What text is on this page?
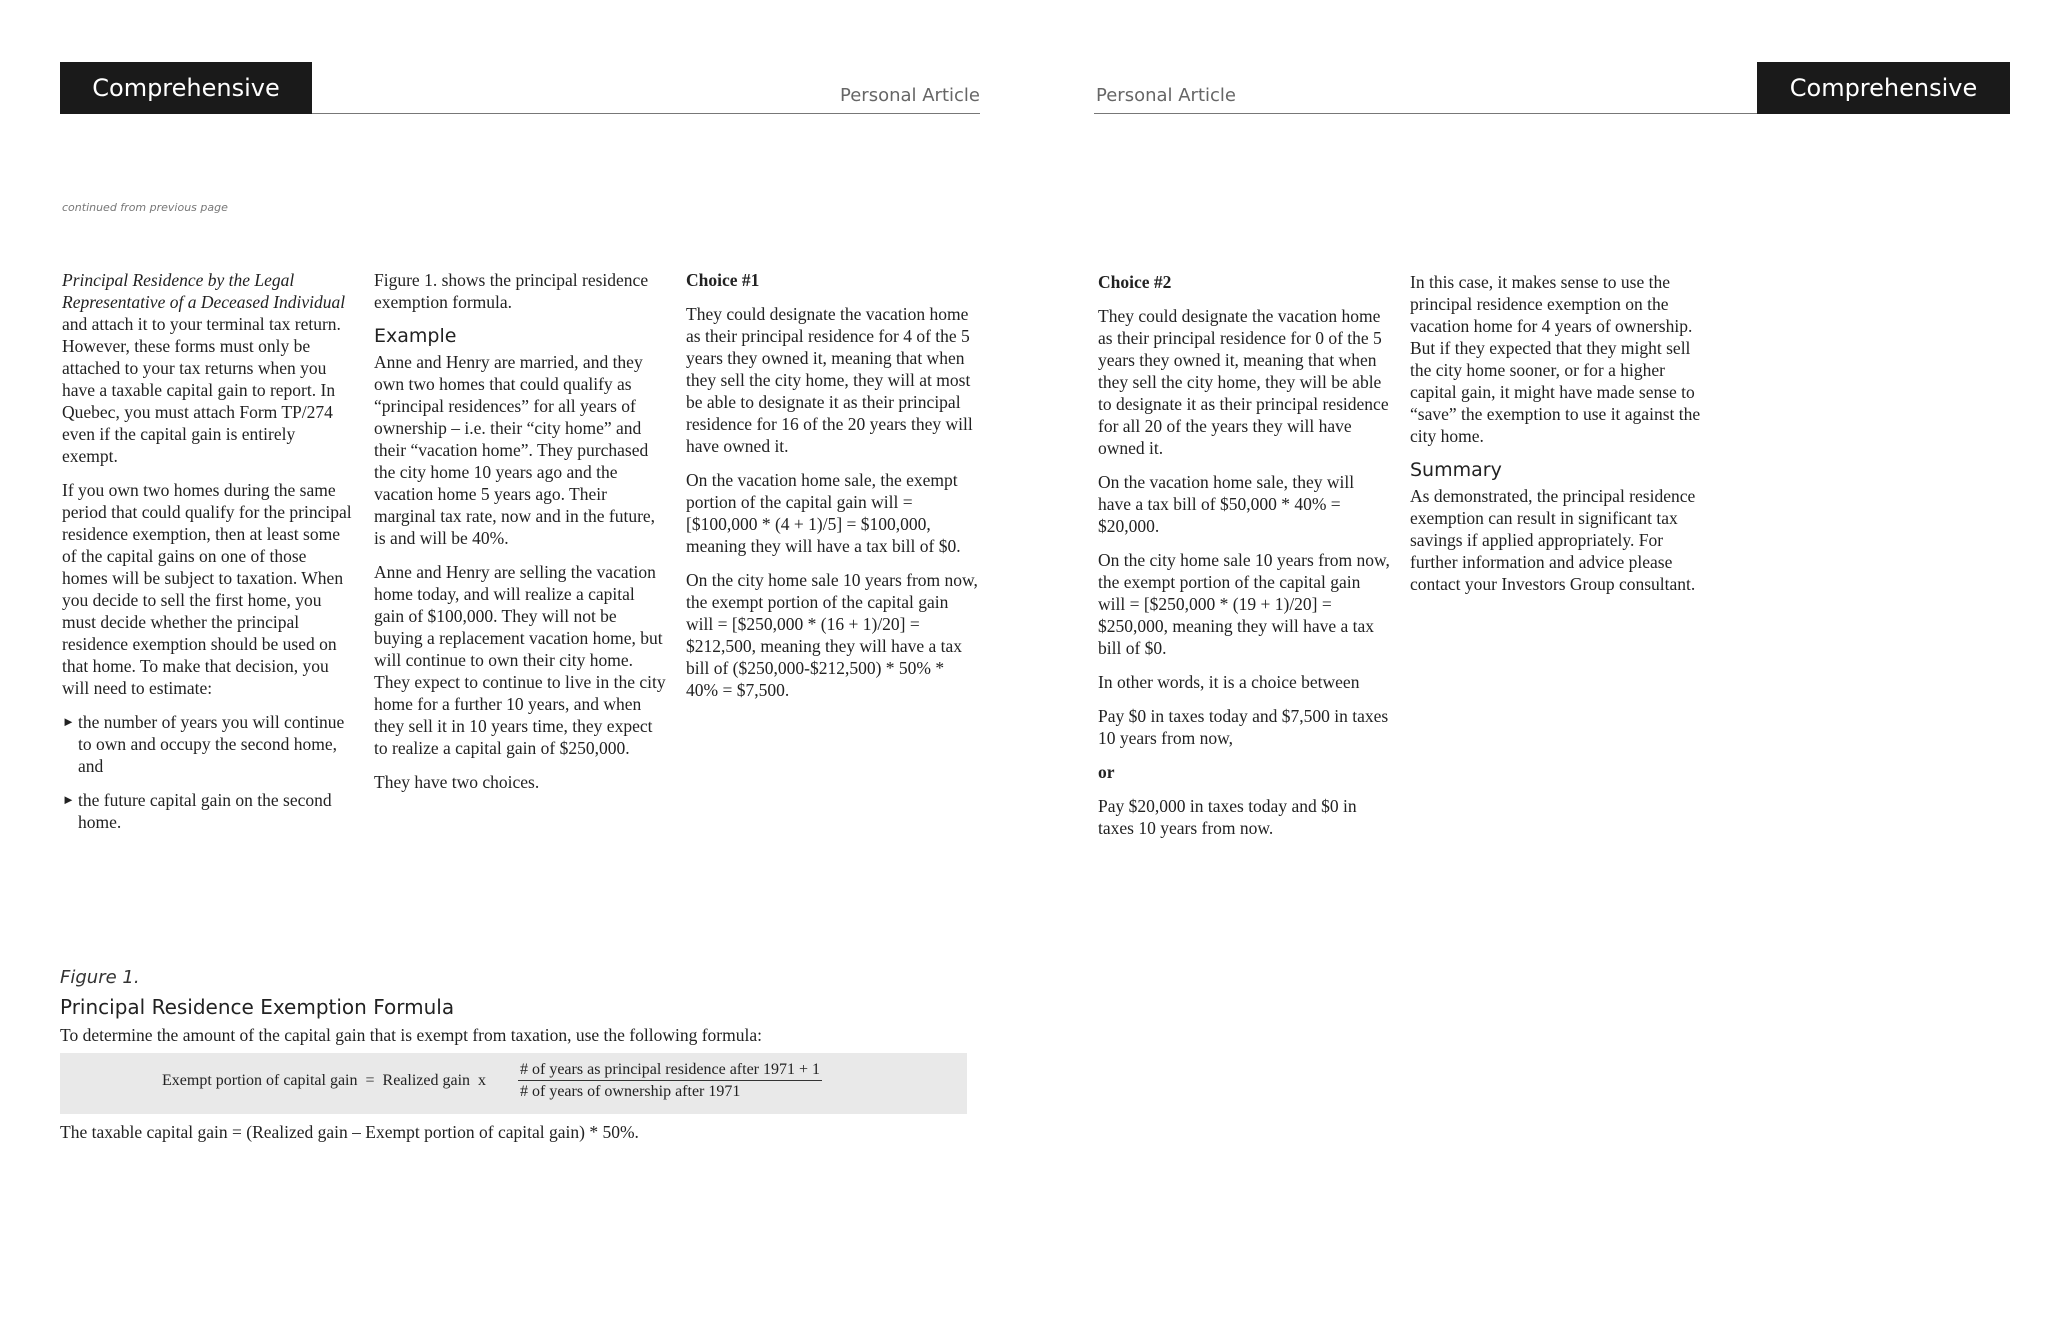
Comprehensive	Personal Article	Personal Article	Comprehensive
continued from previous page

Principal Residence by the Legal Representative of a Deceased Individual and attach it to your terminal tax return. However, these forms must only be attached to your tax returns when you have a taxable capital gain to report. In Quebec, you must attach Form TP/274 even if the capital gain is entirely exempt.

If you own two homes during the same period that could qualify for the principal residence exemption, then at least some of the capital gains on one of those homes will be subject to taxation. When you decide to sell the first home, you must decide whether the principal residence exemption should be used on that home. To make that decision, you will need to estimate:

► the number of years you will continue to own and occupy the second home, and
► the future capital gain on the second home.

Figure 1. shows the principal residence exemption formula.

Example

Anne and Henry are married, and they own two homes that could qualify as “principal residences” for all years of ownership – i.e. their “city home” and their “vacation home”. They purchased the city home 10 years ago and the vacation home 5 years ago. Their marginal tax rate, now and in the future, is and will be 40%.

Anne and Henry are selling the vacation home today, and will realize a capital gain of $100,000. They will not be buying a replacement vacation home, but will continue to own their city home. They expect to continue to live in the city home for a further 10 years, and when they sell it in 10 years time, they expect to realize a capital gain of $250,000.

They have two choices.

Choice #1

They could designate the vacation home as their principal residence for 4 of the 5 years they owned it, meaning that when they sell the city home, they will at most be able to designate it as their principal residence for 16 of the 20 years they will have owned it.

On the vacation home sale, the exempt portion of the capital gain will = [$100,000 * (4 + 1)/5] = $100,000, meaning they will have a tax bill of $0.

On the city home sale 10 years from now, the exempt portion of the capital gain will = [$250,000 * (16 + 1)/20] = $212,500, meaning they will have a tax bill of ($250,000-$212,500) * 50% * 40% = $7,500.

Choice #2

They could designate the vacation home as their principal residence for 0 of the 5 years they owned it, meaning that when they sell the city home, they will be able to designate it as their principal residence for all 20 of the years they will have owned it.

On the vacation home sale, they will have a tax bill of $50,000 * 40% = $20,000.

On the city home sale 10 years from now, the exempt portion of the capital gain will = [$250,000 * (19 + 1)/20] = $250,000, meaning they will have a tax bill of $0.

In other words, it is a choice between

Pay $0 in taxes today and $7,500 in taxes 10 years from now,

or

Pay $20,000 in taxes today and $0 in taxes 10 years from now.

In this case, it makes sense to use the principal residence exemption on the vacation home for 4 years of ownership. But if they expected that they might sell the city home sooner, or for a higher capital gain, it might have made sense to “save” the exemption to use it against the city home.

Summary

As demonstrated, the principal residence exemption can result in significant tax savings if applied appropriately. For further information and advice please contact your Investors Group consultant.

Figure 1.
Principal Residence Exemption Formula
To determine the amount of the capital gain that is exempt from taxation, use the following formula:
Exempt portion of capital gain  =  Realized gain  x
# of years as principal residence after 1971 + 1
# of years of ownership after 1971
The taxable capital gain = (Realized gain – Exempt portion of capital gain) * 50%.
